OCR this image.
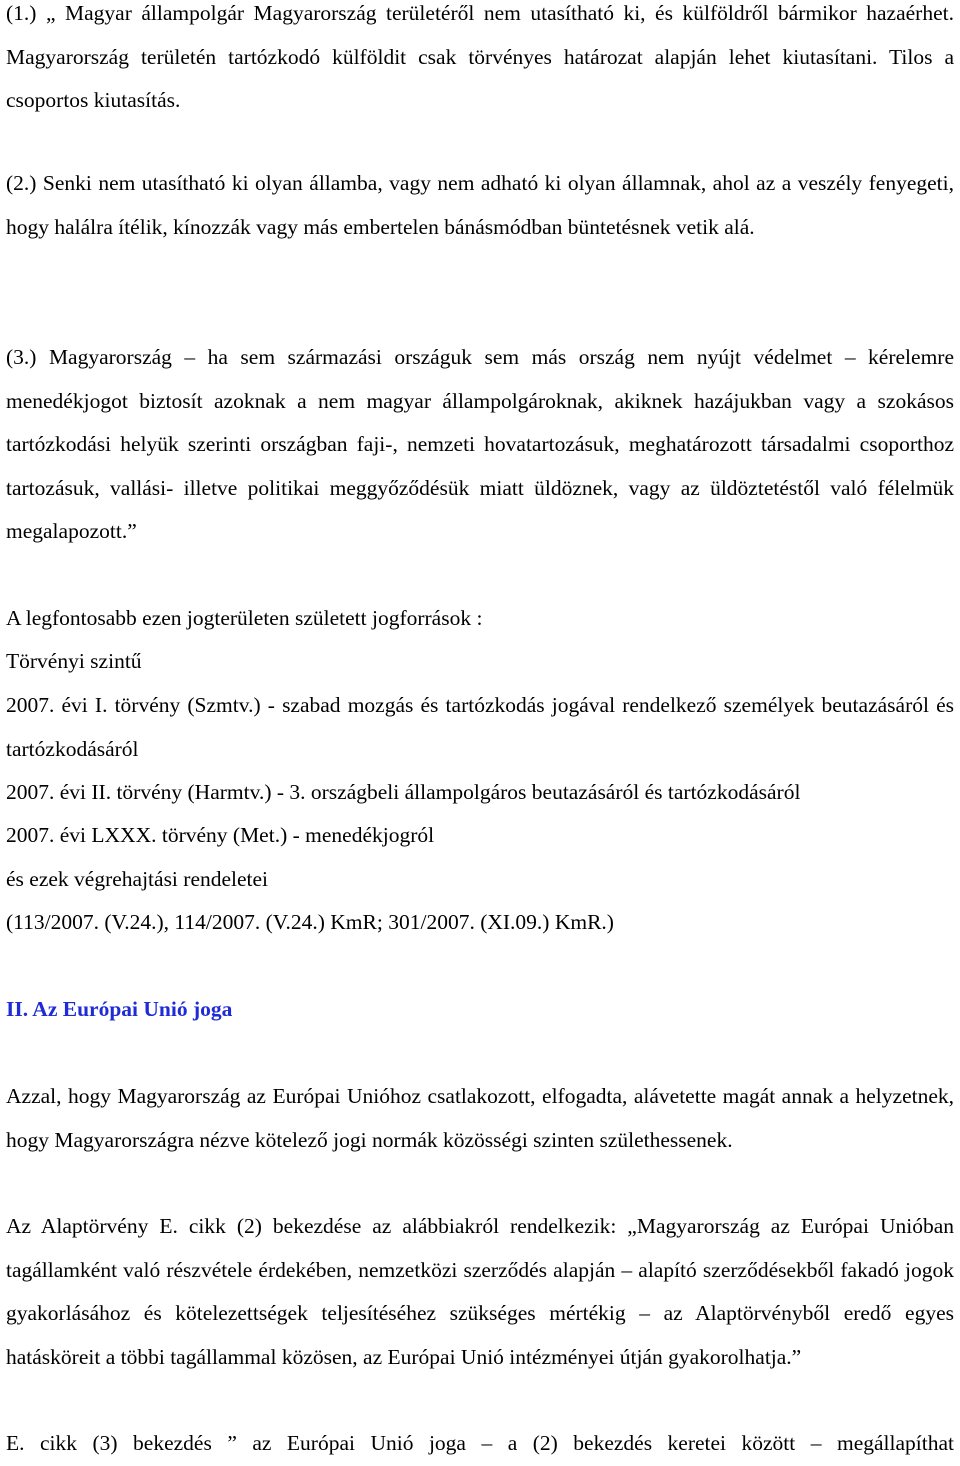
(1.) „ Magyar állampolgár Magyarország területéről nem utasítható ki, és külföldről bármikor hazaérhet. Magyarország területén tartózkodó külföldit csak törvényes határozat alapján lehet kiutasítani. Tilos a csoportos kiutasítás.

(2.) Senki nem utasítható ki olyan államba, vagy nem adható ki olyan államnak, ahol az a veszély fenyegeti, hogy halálra ítélik, kínozzák vagy más embertelen bánásmódban büntetésnek vetik alá.

(3.) Magyarország – ha sem származási országuk sem más ország nem nyújt védelmet – kérelemre menedékjogot biztosít azoknak a nem magyar állampolgároknak, akiknek hazájukban vagy a szokásos tartózkodási helyük szerinti országban faji-, nemzeti hovatartozásuk, meghatározott társadalmi csoporthoz tartozásuk, vallási- illetve politikai meggyőződésük miatt üldöznek, vagy az üldöztetéstől való félelmük megalapozott.”

A legfontosabb ezen jogterületen született jogforrások :

Törvényi szintű

2007. évi I. törvény (Szmtv.) - szabad mozgás és tartózkodás jogával rendelkező személyek beutazásáról és tartózkodásáról

2007. évi II. törvény (Harmtv.) - 3. országbeli állampolgáros beutazásáról és tartózkodásáról

2007. évi LXXX. törvény (Met.) - menedékjogról

és ezek végrehajtási rendeletei

(113/2007. (V.24.), 114/2007. (V.24.) KmR; 301/2007. (XI.09.) KmR.)

II. Az Európai Unió joga

Azzal, hogy Magyarország az Európai Unióhoz csatlakozott, elfogadta, alávetette magát annak a helyzetnek, hogy Magyarországra nézve kötelező jogi normák közösségi szinten születhessenek.

Az Alaptörvény E. cikk (2) bekezdése az alábbiakról rendelkezik: „Magyarország az Európai Unióban tagállamként való részvétele érdekében, nemzetközi szerződés alapján – alapító szerződésekből fakadó jogok gyakorlásához és kötelezettségek teljesítéséhez szükséges mértékig – az Alaptörvényből eredő egyes hatásköreit a többi tagállammal közösen, az Európai Unió intézményei útján gyakorolhatja.”

E. cikk (3) bekezdés ” az Európai Unió joga – a (2) bekezdés keretei között – megállapíthat
